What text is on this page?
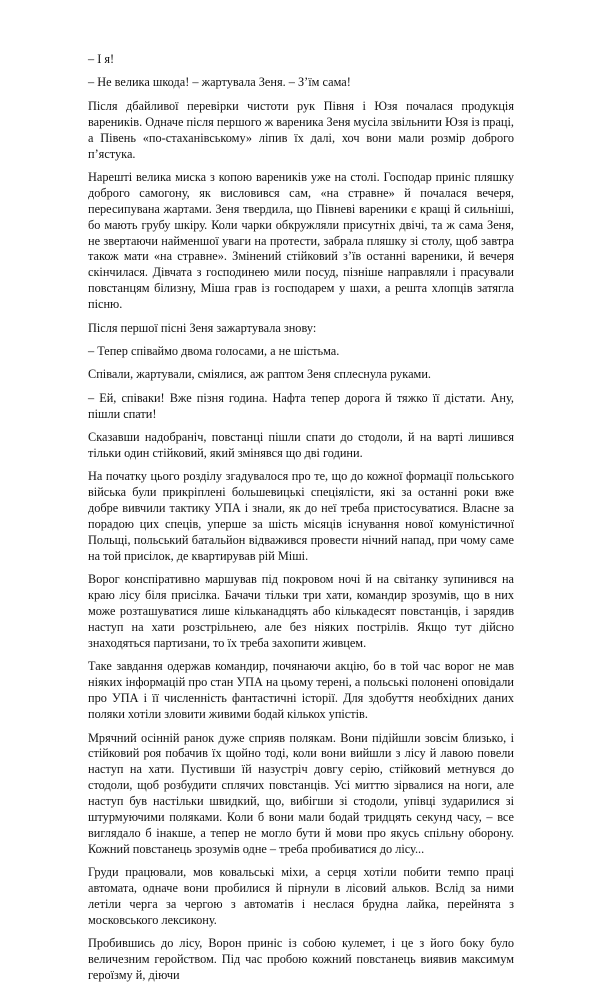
– І я!

– Не велика шкода! – жартувала Зеня. – З’їм сама!

Після дбайливої перевірки чистоти рук Півня і Юзя почалася продукція вареників. Одначе після першого ж вареника Зеня мусіла звільнити Юзя із праці, а Півень «по-стаханівському» ліпив їх далі, хоч вони мали розмір доброго п’ястука.

Нарешті велика миска з копою вареників уже на столі. Господар приніс пляшку доброго самогону, як висловився сам, «на стравне» й почалася вечеря, пересипувана жартами. Зеня твердила, що Півневі вареники є кращі й сильніші, бо мають грубу шкіру. Коли чарки обкружляли присутніх двічі, та ж сама Зеня, не звертаючи найменшої уваги на протести, забрала пляшку зі столу, щоб завтра також мати «на стравне». Змінений стійковий з’їв останні вареники, й вечеря скінчилася. Дівчата з господинею мили посуд, пізніше направляли і прасували повстанцям білизну, Міша грав із господарем у шахи, а решта хлопців затягла пісню.

Після першої пісні Зеня зажартувала знову:

– Тепер співаймо двома голосами, а не шістьма.

Співали, жартували, сміялися, аж раптом Зеня сплеснула руками.

– Ей, співаки! Вже пізня година. Нафта тепер дорога й тяжко її дістати. Ану, пішли спати!

Сказавши надобраніч, повстанці пішли спати до стодоли, й на варті лишився тільки один стійковий, який змінявся що дві години.

На початку цього розділу згадувалося про те, що до кожної формації польського війська були прикріплені большевицькі спеціялісти, які за останні роки вже добре вивчили тактику УПА і знали, як до неї треба пристосуватися. Власне за порадою цих спеців, уперше за шість місяців існування нової комуністичної Польщі, польський батальйон відважився провести нічний напад, при чому саме на той присілок, де квартирував рій Міші.

Ворог конспіративно маршував під покровом ночі й на світанку зупинився на краю лісу біля присілка. Бачачи тільки три хати, командир зрозумів, що в них може розташуватися лише кільканадцять або кількадесят повстанців, і зарядив наступ на хати розстрільнею, але без ніяких пострілів. Якщо тут дійсно знаходяться партизани, то їх треба захопити живцем.

Таке завдання одержав командир, почянаючи акцію, бо в той час ворог не мав ніяких інформацій про стан УПА на цьому терені, а польські полонені оповідали про УПА і її численність фантастичні історії. Для здобуття необхідних даних поляки хотіли зловити живими бодай кількох упістів.

Мрячний осінній ранок дуже сприяв полякам. Вони підійшли зовсім близько, і стійковий роя побачив їх щойно тоді, коли вони вийшли з лісу й лавою повели наступ на хати. Пустивши їй назустріч довгу серію, стійковий метнувся до стодоли, щоб розбудити сплячих повстанців. Усі миттю зірвалися на ноги, але наступ був настільки швидкий, що, вибігши зі стодоли, упівці зударилися зі штурмуючими поляками. Коли б вони мали бодай тридцять секунд часу, – все виглядало б інакше, а тепер не могло бути й мови про якусь спільну оборону. Кожний повстанець зрозумів одне – треба пробиватися до лісу...

Груди працювали, мов ковальські міхи, а серця хотіли побити темпо праці автомата, одначе вони пробилися й пірнули в лісовий альков. Вслід за ними летіли черга за чергою з автоматів і неслася брудна лайка, перейнята з московського лексикону.

Пробившись до лісу, Ворон приніс із собою кулемет, і це з його боку було величезним геройством. Під час пробою кожний повстанець виявив максимум героїзму й, діючи
